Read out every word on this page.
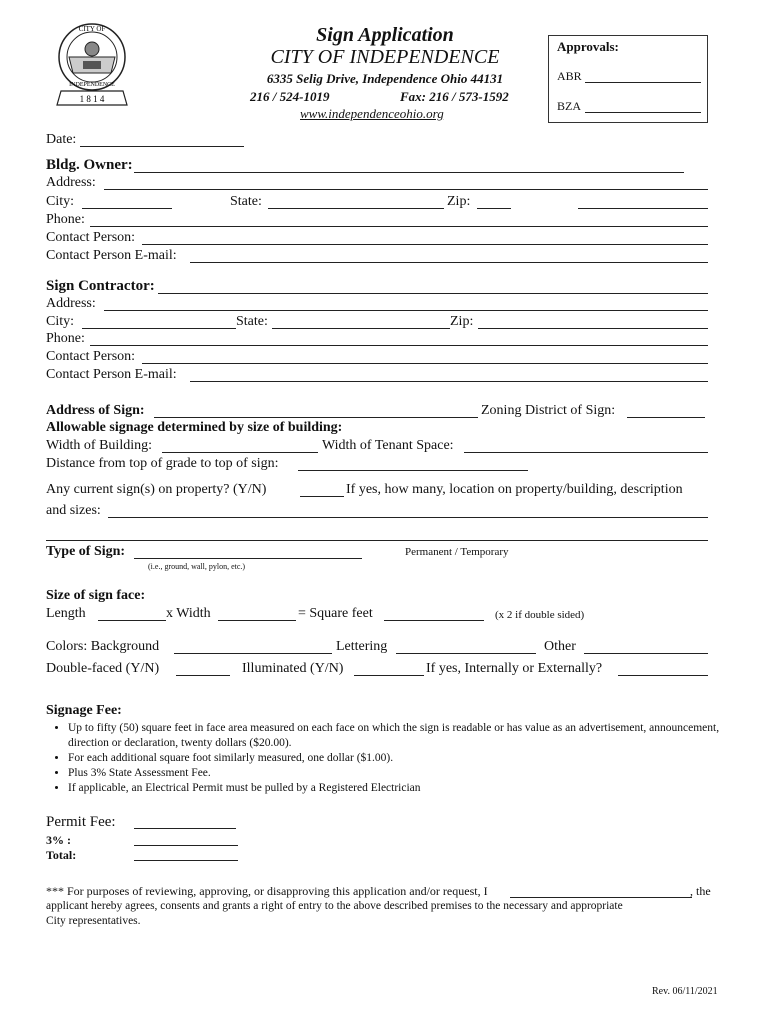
CITY OF
INDEPENDENCE
1 8 1 4
Sign Application
CITY OF INDEPENDENCE
6335 Selig Drive, Independence Ohio 44131
216 / 524-1019	Fax: 216 / 573-1592
www.independenceohio.org
Approvals:
ABR
BZA
Date:
Bldg. Owner:
Address:
City:	State:	Zip:
Phone:
Contact Person:
Contact Person E-mail:
Sign Contractor:
Address:
City:	State:	Zip:
Phone:
Contact Person:
Contact Person E-mail:
Address of Sign:	Zoning District of Sign:
Allowable signage determined by size of building:
Width of Building:	Width of Tenant Space:
Distance from top of grade to top of sign:
Any current sign(s) on property? (Y/N)	If yes, how many, location on property/building, description
and sizes:
Type of Sign:
(i.e., ground, wall, pylon, etc.)
Permanent / Temporary
Size of sign face:
Length	x Width	= Square feet	(x 2 if double sided)
Colors: Background	Lettering	Other
Double-faced (Y/N)	Illuminated (Y/N)	If yes, Internally or Externally?
Signage Fee:
• Up to fifty (50) square feet in face area measured on each face on which the sign is readable or has value as an advertisement, announcement, direction or declaration, twenty dollars ($20.00).
• For each additional square foot similarly measured, one dollar ($1.00).
• Plus 3% State Assessment Fee.
• If applicable, an Electrical Permit must be pulled by a Registered Electrician
Permit Fee:
3% :
Total:
*** For purposes of reviewing, approving, or disapproving this application and/or request, I	, the
applicant hereby agrees, consents and grants a right of entry to the above described premises to the necessary and appropriate
City representatives.
Rev. 06/11/2021
